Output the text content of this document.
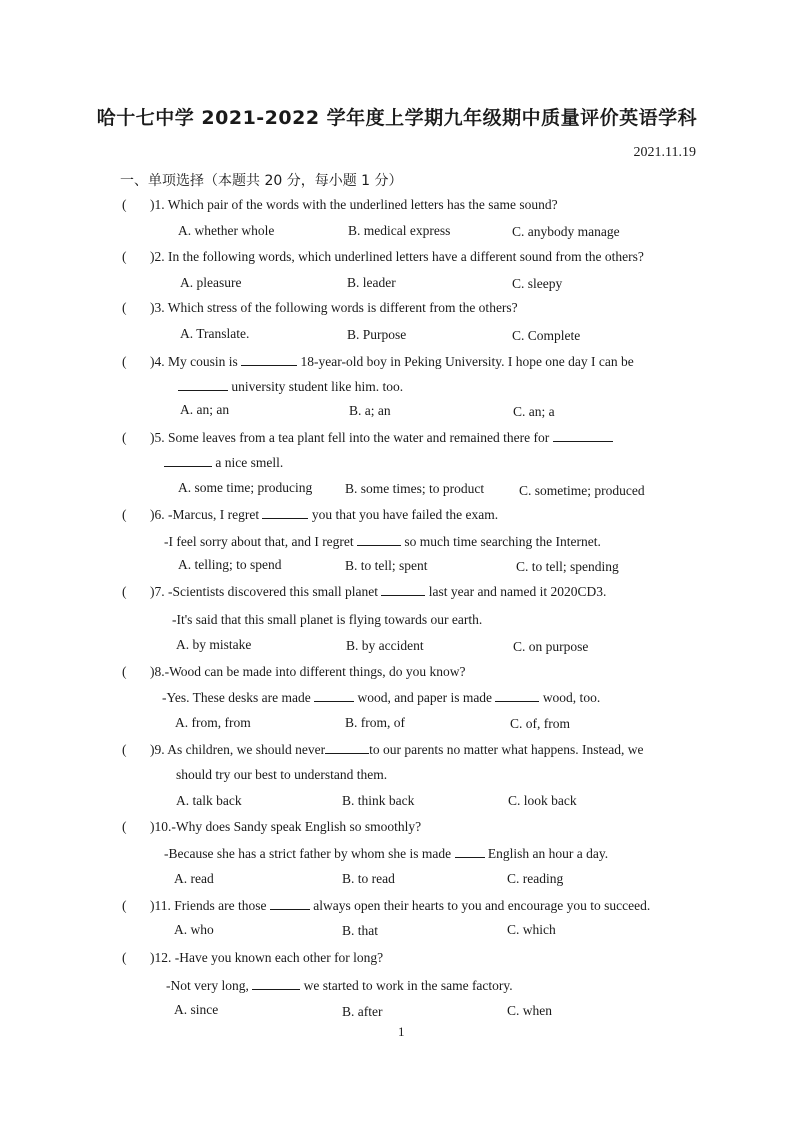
哈十七中学 2021-2022 学年度上学期九年级期中质量评价英语学科
2021.11.19
一、单项选择（本题共 20 分，每小题 1 分）
( )1. Which pair of the words with the underlined letters has the same sound?
A. whether whole	B. medical express	C. anybody manage
( )2. In the following words, which underlined letters have a different sound from the others?
A. pleasure	B. leader	C. sleepy
( )3. Which stress of the following words is different from the others?
A. Translate.	B. Purpose	C. Complete
( )4. My cousin is	18-year-old boy in Peking University. I hope one day I can be
university student like him. too.
A. an; an	B. a; an	C. an; a
( )5. Some leaves from a tea plant fell into the water and remained there for
a nice smell.
A. some time; producing B. some times; to product	C. sometime; produced
( )6. -Marcus, I regret	you that you have failed the exam.
-I feel sorry about that, and I regret	so much time searching the Internet.
A. telling; to spend	B. to tell; spent	C. to tell; spending
( )7. -Scientists discovered this small planet	last year and named it 2020CD3.
-It's said that this small planet is flying towards our earth.
A. by mistake	B. by accident	C. on purpose
( )8.-Wood can be made into different things, do you know?
-Yes. These desks are made	wood, and paper is made	wood, too.
A. from, from	B. from, of	C. of, from
( )9. As children, we should never	to our parents no matter what happens. Instead, we
should try our best to understand them.
A. talk back	B. think back	C. look back
( )10.-Why does Sandy speak English so smoothly?
-Because she has a strict father by whom she is made	English an hour a day.
A. read	B. to read	C. reading
( )11. Friends are those	always open their hearts to you and encourage you to succeed.
A. who	B. that	C. which
( )12. -Have you known each other for long?
-Not very long,	we started to work in the same factory.
A. since	B. after	C. when
1
